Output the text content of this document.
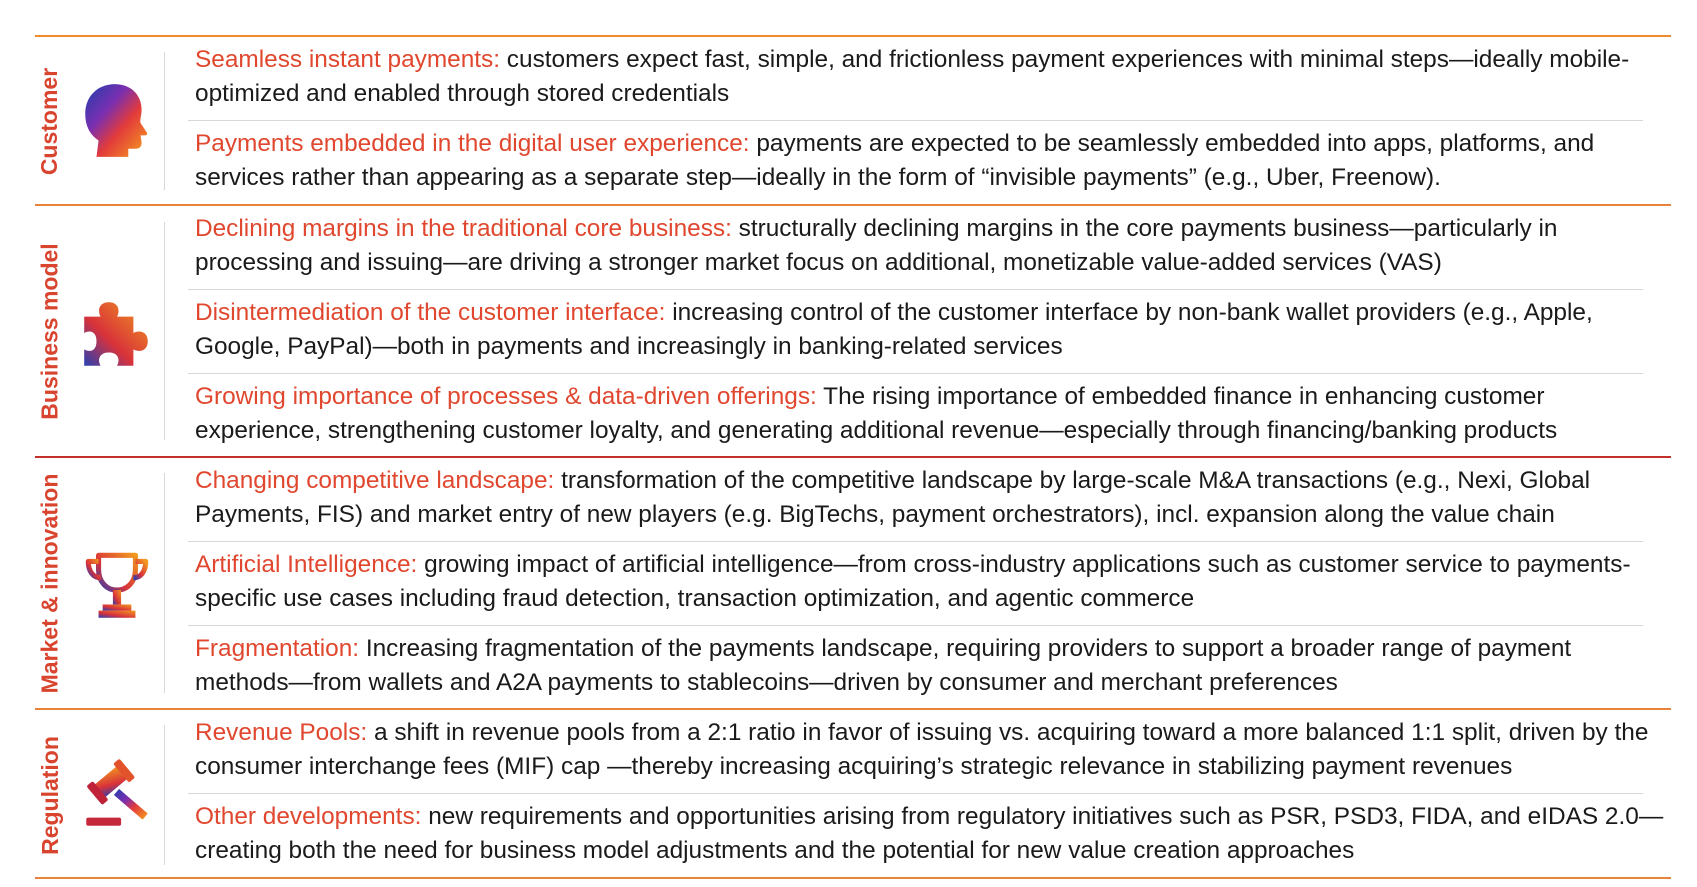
Customer
Seamless instant payments: customers expect fast, simple, and frictionless payment experiences with minimal steps—ideally mobile-optimized and enabled through stored credentials
Payments embedded in the digital user experience: payments are expected to be seamlessly embedded into apps, platforms, and services rather than appearing as a separate step—ideally in the form of “invisible payments” (e.g., Uber, Freenow).
Business model
Declining margins in the traditional core business: structurally declining margins in the core payments business—particularly in processing and issuing—are driving a stronger market focus on additional, monetizable value-added services (VAS)
Disintermediation of the customer interface: increasing control of the customer interface by non-bank wallet providers (e.g., Apple, Google, PayPal)—both in payments and increasingly in banking-related services
Growing importance of processes & data-driven offerings: The rising importance of embedded finance in enhancing customer experience, strengthening customer loyalty, and generating additional revenue—especially through financing/banking products
Market & innovation	Changing competitive landscape: transformation of the competitive landscape by large-scale M&A transactions (e.g., Nexi, Global Payments, FIS) and market entry of new players (e.g. BigTechs, payment orchestrators), incl. expansion along the value chain
Artificial Intelligence: growing impact of artificial intelligence—from cross-industry applications such as customer service to payments-specific use cases including fraud detection, transaction optimization, and agentic commerce
Fragmentation: Increasing fragmentation of the payments landscape, requiring providers to support a broader range of payment methods—from wallets and A2A payments to stablecoins—driven by consumer and merchant preferences
Regulation
Revenue Pools: a shift in revenue pools from a 2:1 ratio in favor of issuing vs. acquiring toward a more balanced 1:1 split, driven by the consumer interchange fees (MIF) cap —thereby increasing acquiring’s strategic relevance in stabilizing payment revenues
Other developments: new requirements and opportunities arising from regulatory initiatives such as PSR, PSD3, FIDA, and eIDAS 2.0—creating both the need for business model adjustments and the potential for new value creation approaches
